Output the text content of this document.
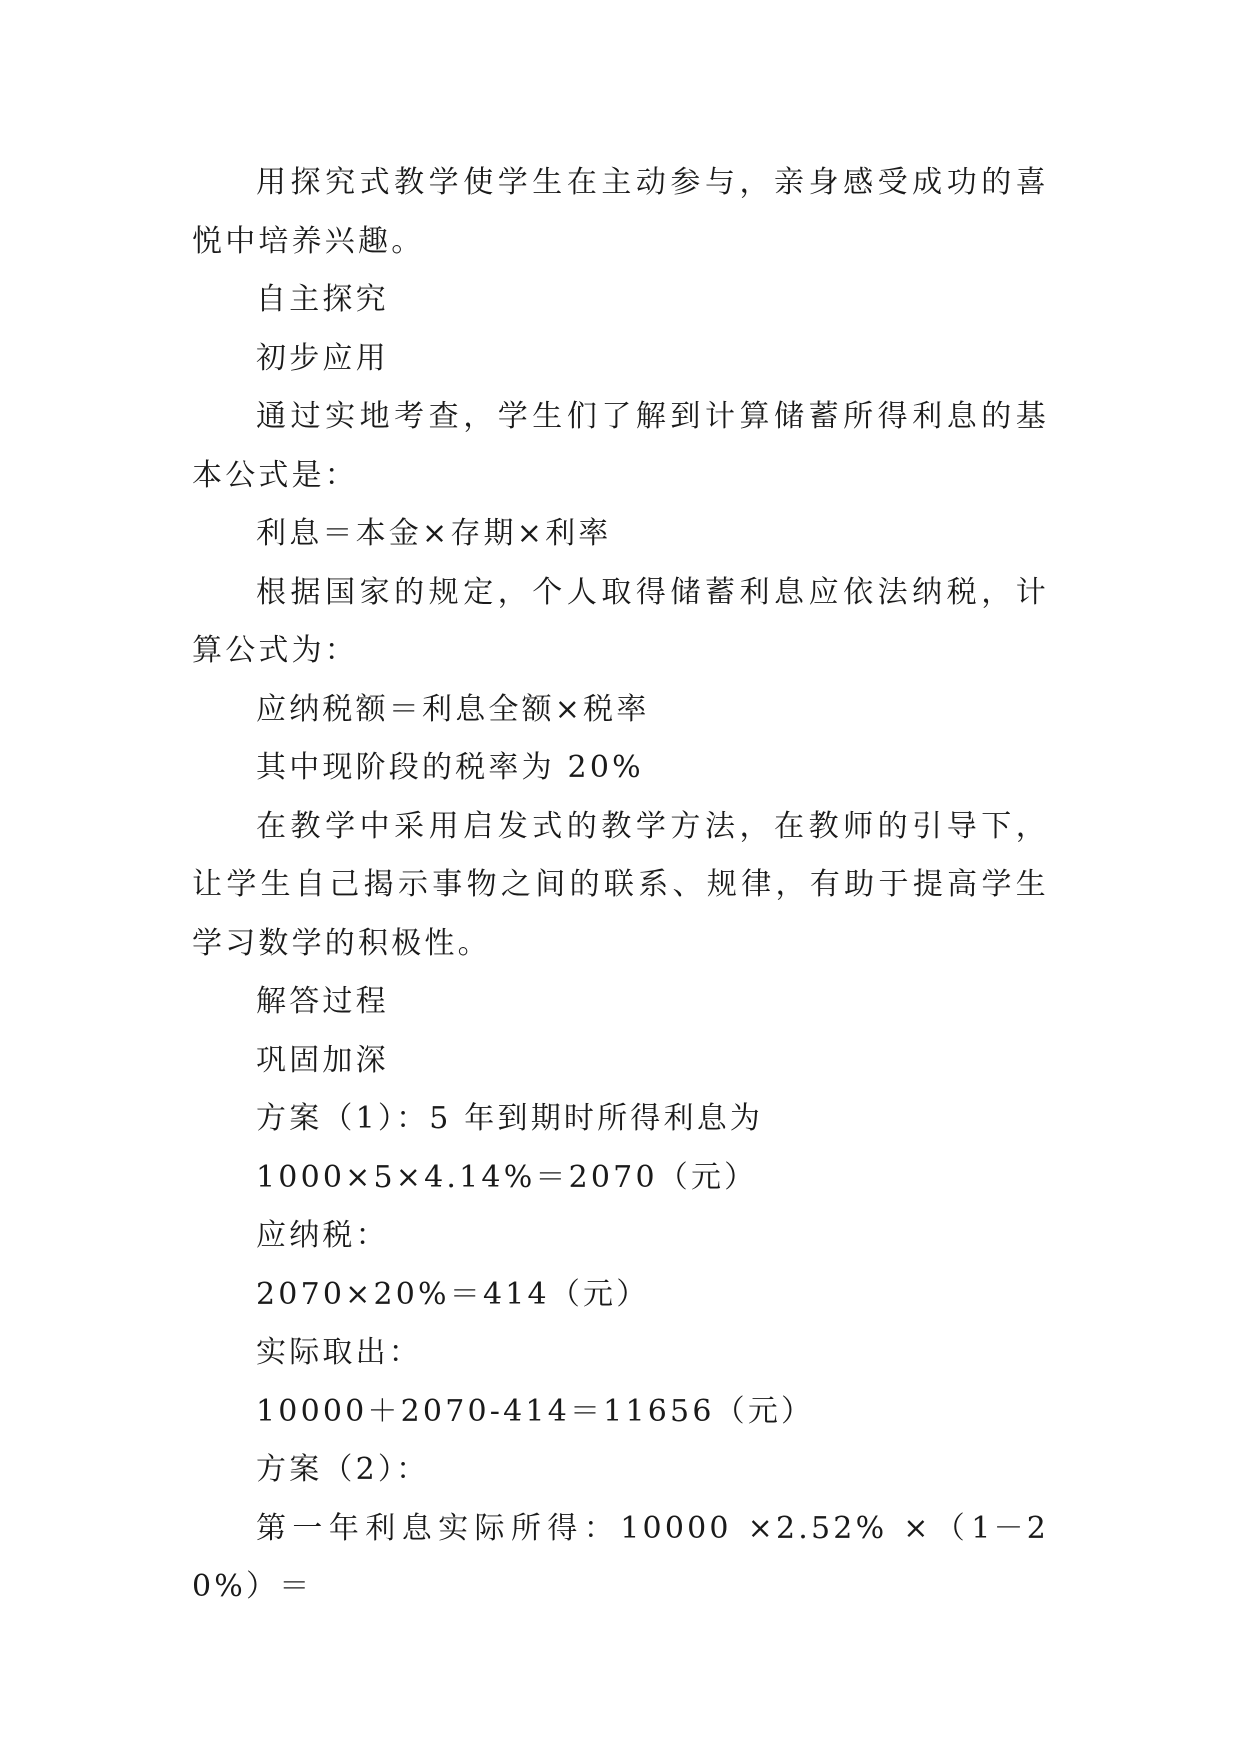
用探究式教学使学生在主动参与，亲身感受成功的喜悦中培养兴趣。

自主探究

初步应用

通过实地考查，学生们了解到计算储蓄所得利息的基本公式是：

利息＝本金×存期×利率

根据国家的规定，个人取得储蓄利息应依法纳税，计算公式为：

应纳税额＝利息全额×税率

其中现阶段的税率为 20%

在教学中采用启发式的教学方法，在教师的引导下，让学生自己揭示事物之间的联系、规律，有助于提高学生学习数学的积极性。

解答过程

巩固加深

方案（1）：5 年到期时所得利息为

1000×5×4.14%＝2070（元）

应纳税：

2070×20%＝414（元）

实际取出：

10000＋2070-414＝11656（元）

方案（2）：

第一年利息实际所得：10000 ×2.52% ×（1－20%）＝
